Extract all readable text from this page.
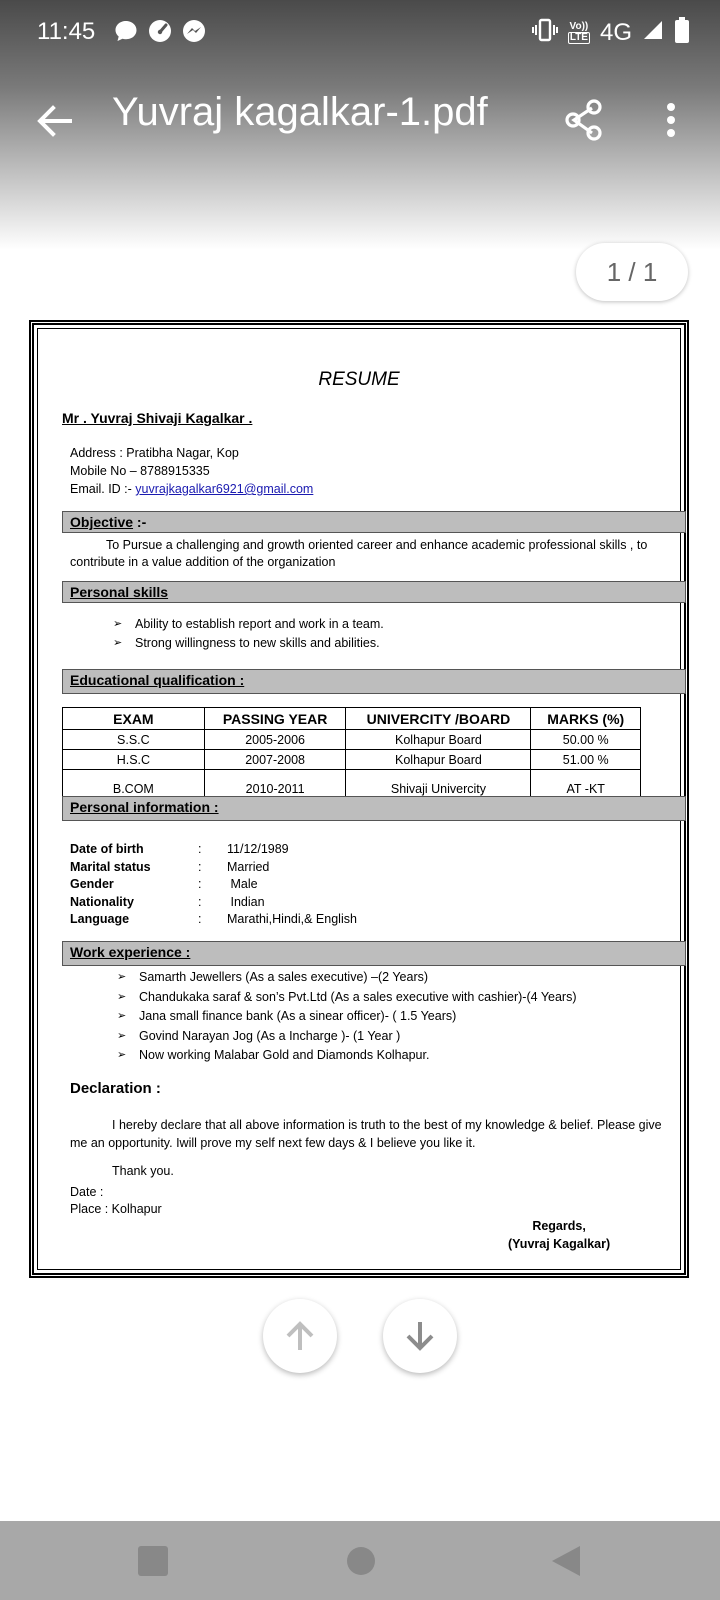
11:45	Vo))
LTE 4G
Yuvraj kagalkar-1.pdf
1 / 1
RESUME
Mr . Yuvraj Shivaji Kagalkar .
Address : Pratibha Nagar, Kop
Mobile No – 8788915335
Email. ID :- yuvrajkagalkar6921@gmail.com
Objective :-
To Pursue a challenging and growth oriented career and enhance academic professional skills , to contribute in a value addition of the organization
Personal skills
➢ Ability to establish report and work in a team.
➢ Strong willingness to new skills and abilities.
Educational qualification :
EXAM	PASSING YEAR	UNIVERCITY /BOARD	MARKS (%)
S.S.C	2005-2006	Kolhapur Board	50.00 %
H.S.C	2007-2008	Kolhapur Board	51.00 %
B.COM	2010-2011	Shivaji Univercity	AT -KT
Personal information :
Date of birth	:	11/12/1989
Marital status	:	Married
Gender	:	Male
Nationality	:	Indian
Language	:	Marathi,Hindi,& English
Work experience :
➢ Samarth Jewellers (As a sales executive) –(2 Years)
➢ Chandukaka saraf & son’s Pvt.Ltd (As a sales executive with cashier)-(4 Years)
➢ Jana small finance bank (As a sinear officer)- ( 1.5 Years)
➢ Govind Narayan Jog (As a Incharge )- (1 Year )
➢ Now working Malabar Gold and Diamonds Kolhapur.
Declaration :
I hereby declare that all above information is truth to the best of my knowledge & belief. Please give me an opportunity. Iwill prove my self next few days & I believe you like it.
Thank you.
Date :
Place : Kolhapur
Regards,
(Yuvraj Kagalkar)
